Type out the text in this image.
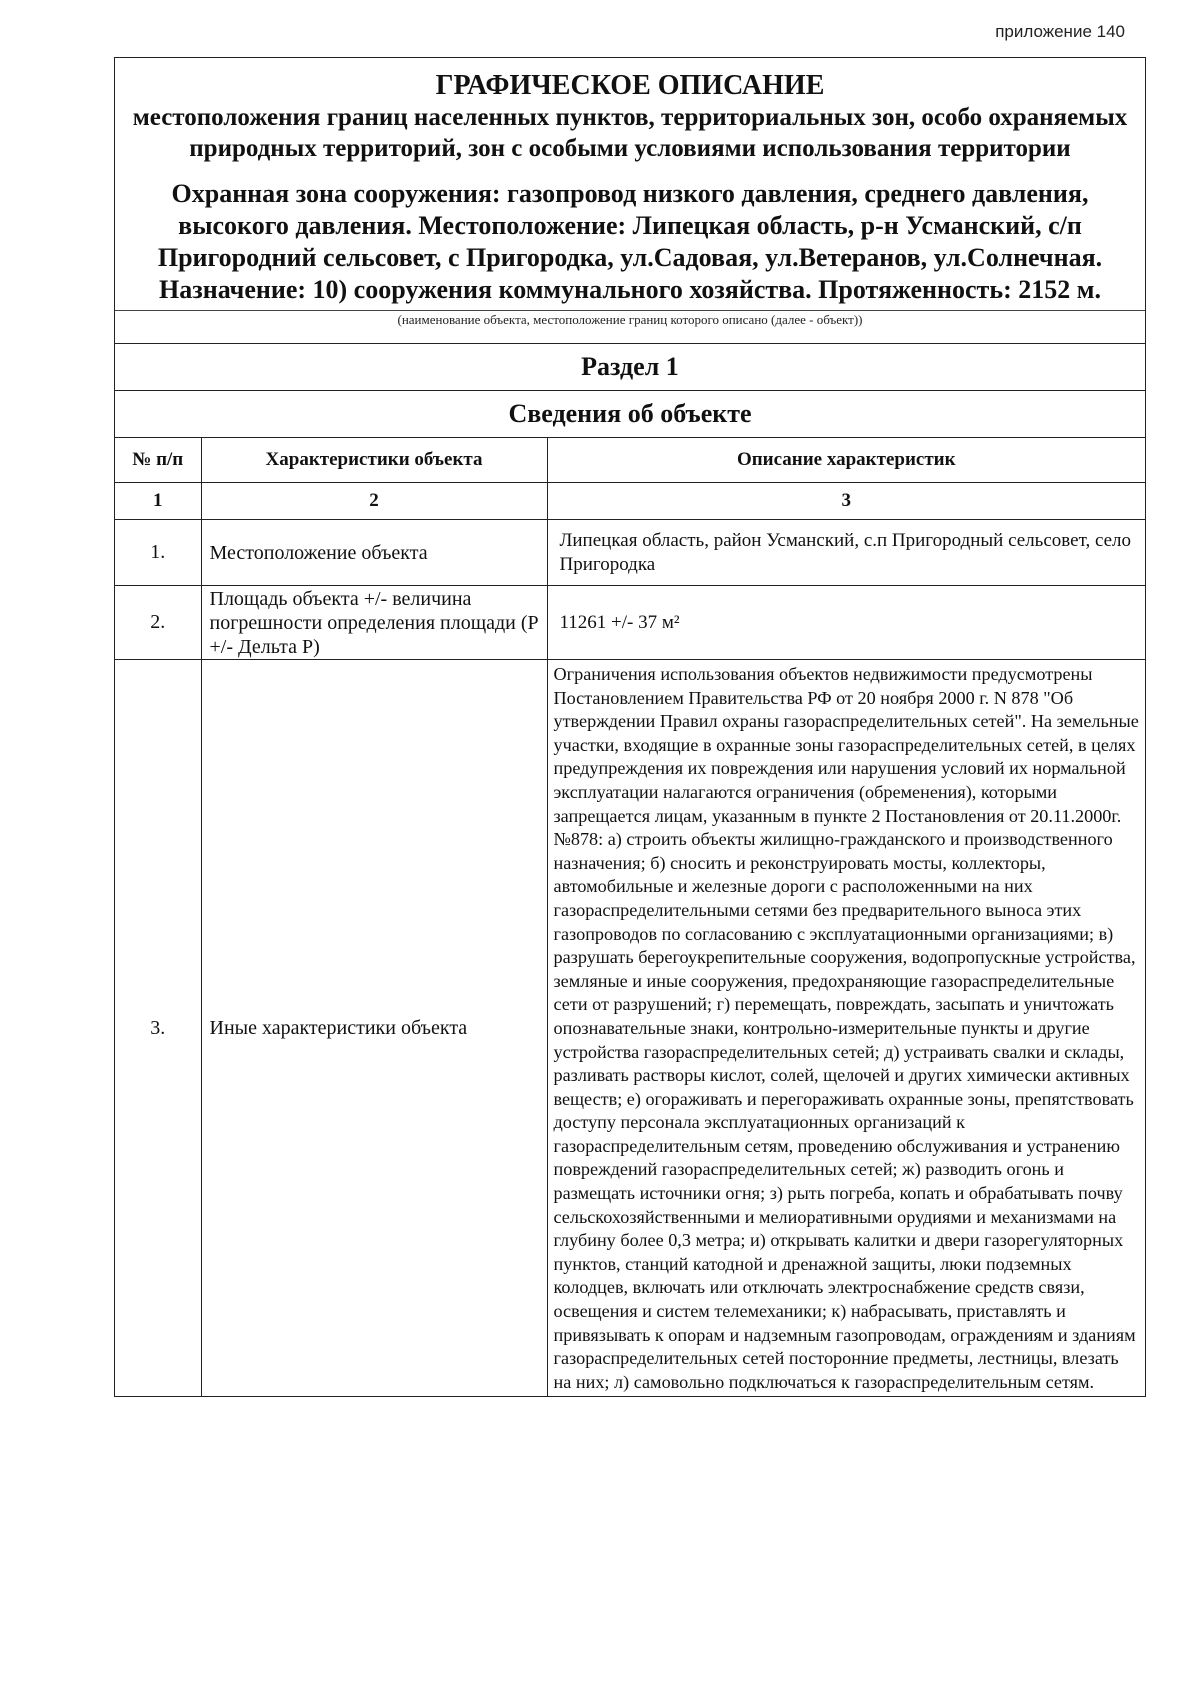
приложение 140

ГРАФИЧЕСКОЕ ОПИСАНИЕ

местоположения границ населенных пунктов, территориальных зон, особо охраняемых природных территорий, зон с особыми условиями использования территории

Охранная зона сооружения: газопровод низкого давления, среднего давления, высокого давления. Местоположение: Липецкая область, р-н Усманский, с/п Пригородний сельсовет, с Пригородка, ул.Садовая, ул.Ветеранов, ул.Солнечная. Назначение: 10) сооружения коммунального хозяйства. Протяженность: 2152 м.

(наименование объекта, местоположение границ которого описано (далее - объект))
Раздел 1		
Сведения об объекте		
№ п/п	Характеристики объекта	Описание характеристик
1	2	3
1.	Местоположение объекта	Липецкая область, район Усманский, с.п Пригородный сельсовет, село Пригородка
2.	Площадь объекта +/- величина погрешности определения площади (Р +/- Дельта Р)	11261 +/- 37 м²
3.	Иные характеристики объекта	Ограничения использования объектов недвижимости предусмотрены Постановлением Правительства РФ от 20 ноября 2000 г. N 878 "Об утверждении Правил охраны газораспределительных сетей". На земельные участки, входящие в охранные зоны газораспределительных сетей, в целях предупреждения их повреждения или нарушения условий их нормальной эксплуатации налагаются ограничения (обременения), которыми запрещается лицам, указанным в пункте 2 Постановления от 20.11.2000г. №878: а) строить объекты жилищно-гражданского и производственного назначения; б) сносить и реконструировать мосты, коллекторы, автомобильные и железные дороги с расположенными на них газораспределительными сетями без предварительного выноса этих газопроводов по согласованию с эксплуатационными организациями; в) разрушать берегоукрепительные сооружения, водопропускные устройства, земляные и иные сооружения, предохраняющие газораспределительные сети от разрушений; г) перемещать, повреждать, засыпать и уничтожать опознавательные знаки, контрольно-измерительные пункты и другие устройства газораспределительных сетей; д) устраивать свалки и склады, разливать растворы кислот, солей, щелочей и других химически активных веществ; е) огораживать и перегораживать охранные зоны, препятствовать доступу персонала эксплуатационных организаций к газораспределительным сетям, проведению обслуживания и устранению повреждений газораспределительных сетей; ж) разводить огонь и размещать источники огня; з) рыть погреба, копать и обрабатывать почву сельскохозяйственными и мелиоративными орудиями и механизмами на глубину более 0,3 метра; и) открывать калитки и двери газорегуляторных пунктов, станций катодной и дренажной защиты, люки подземных колодцев, включать или отключать электроснабжение средств связи, освещения и систем телемеханики; к) набрасывать, приставлять и привязывать к опорам и надземным газопроводам, ограждениям и зданиям газораспределительных сетей посторонние предметы, лестницы, влезать на них; л) самовольно подключаться к газораспределительным сетям.
